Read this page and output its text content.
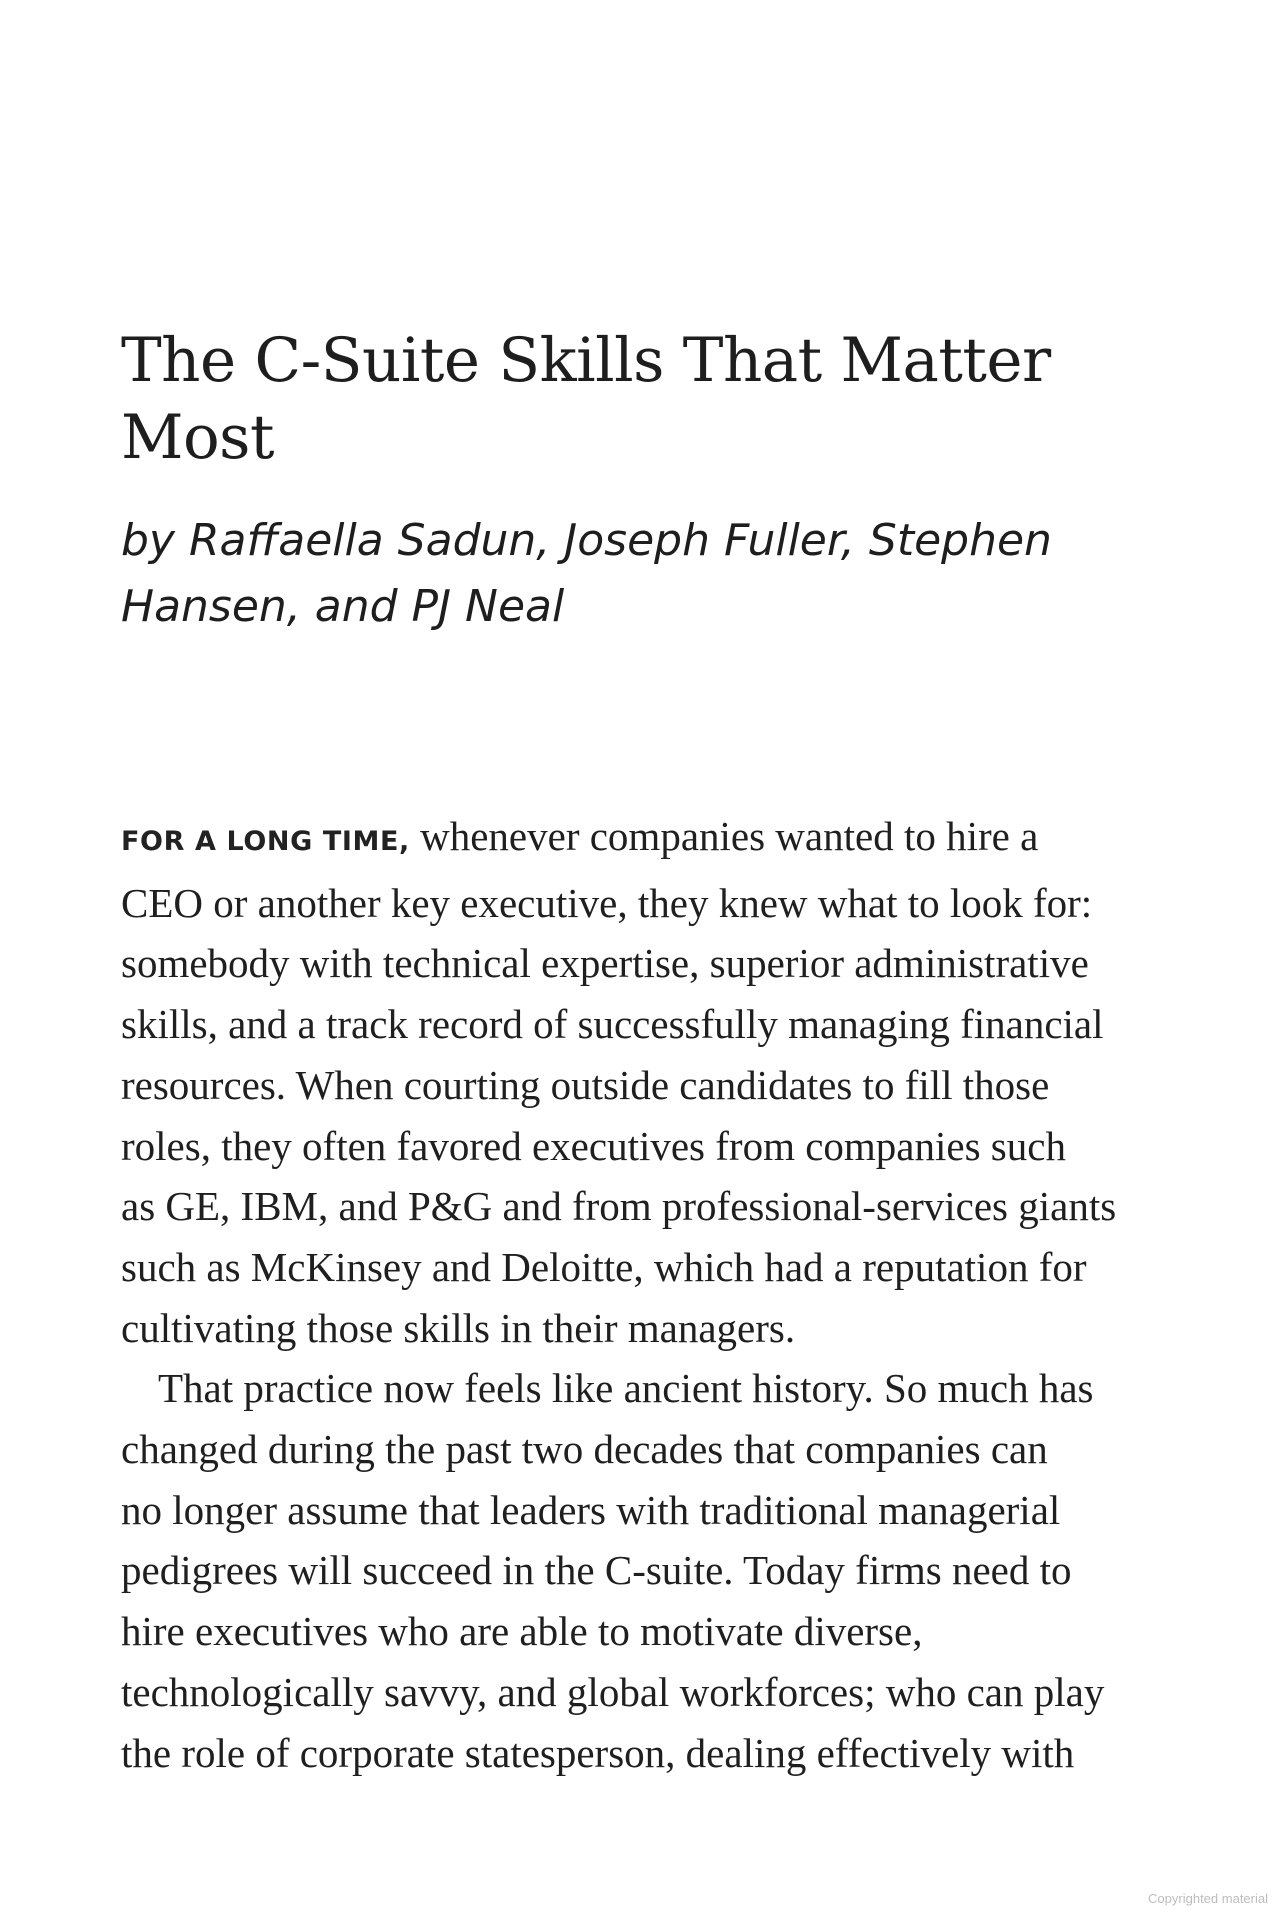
The C-Suite Skills That Matter
Most
by Raffaella Sadun, Joseph Fuller, Stephen
Hansen, and PJ Neal
FOR A LONG TIME, whenever companies wanted to hire a
CEO or another key executive, they knew what to look for:
somebody with technical expertise, superior administrative
skills, and a track record of successfully managing financial
resources. When courting outside candidates to fill those
roles, they often favored executives from companies such
as GE, IBM, and P&G and from professional-services giants
such as McKinsey and Deloitte, which had a reputation for
cultivating those skills in their managers.
That practice now feels like ancient history. So much has
changed during the past two decades that companies can
no longer assume that leaders with traditional managerial
pedigrees will succeed in the C-suite. Today firms need to
hire executives who are able to motivate diverse,
technologically savvy, and global workforces; who can play
the role of corporate statesperson, dealing effectively with
Copyrighted material
